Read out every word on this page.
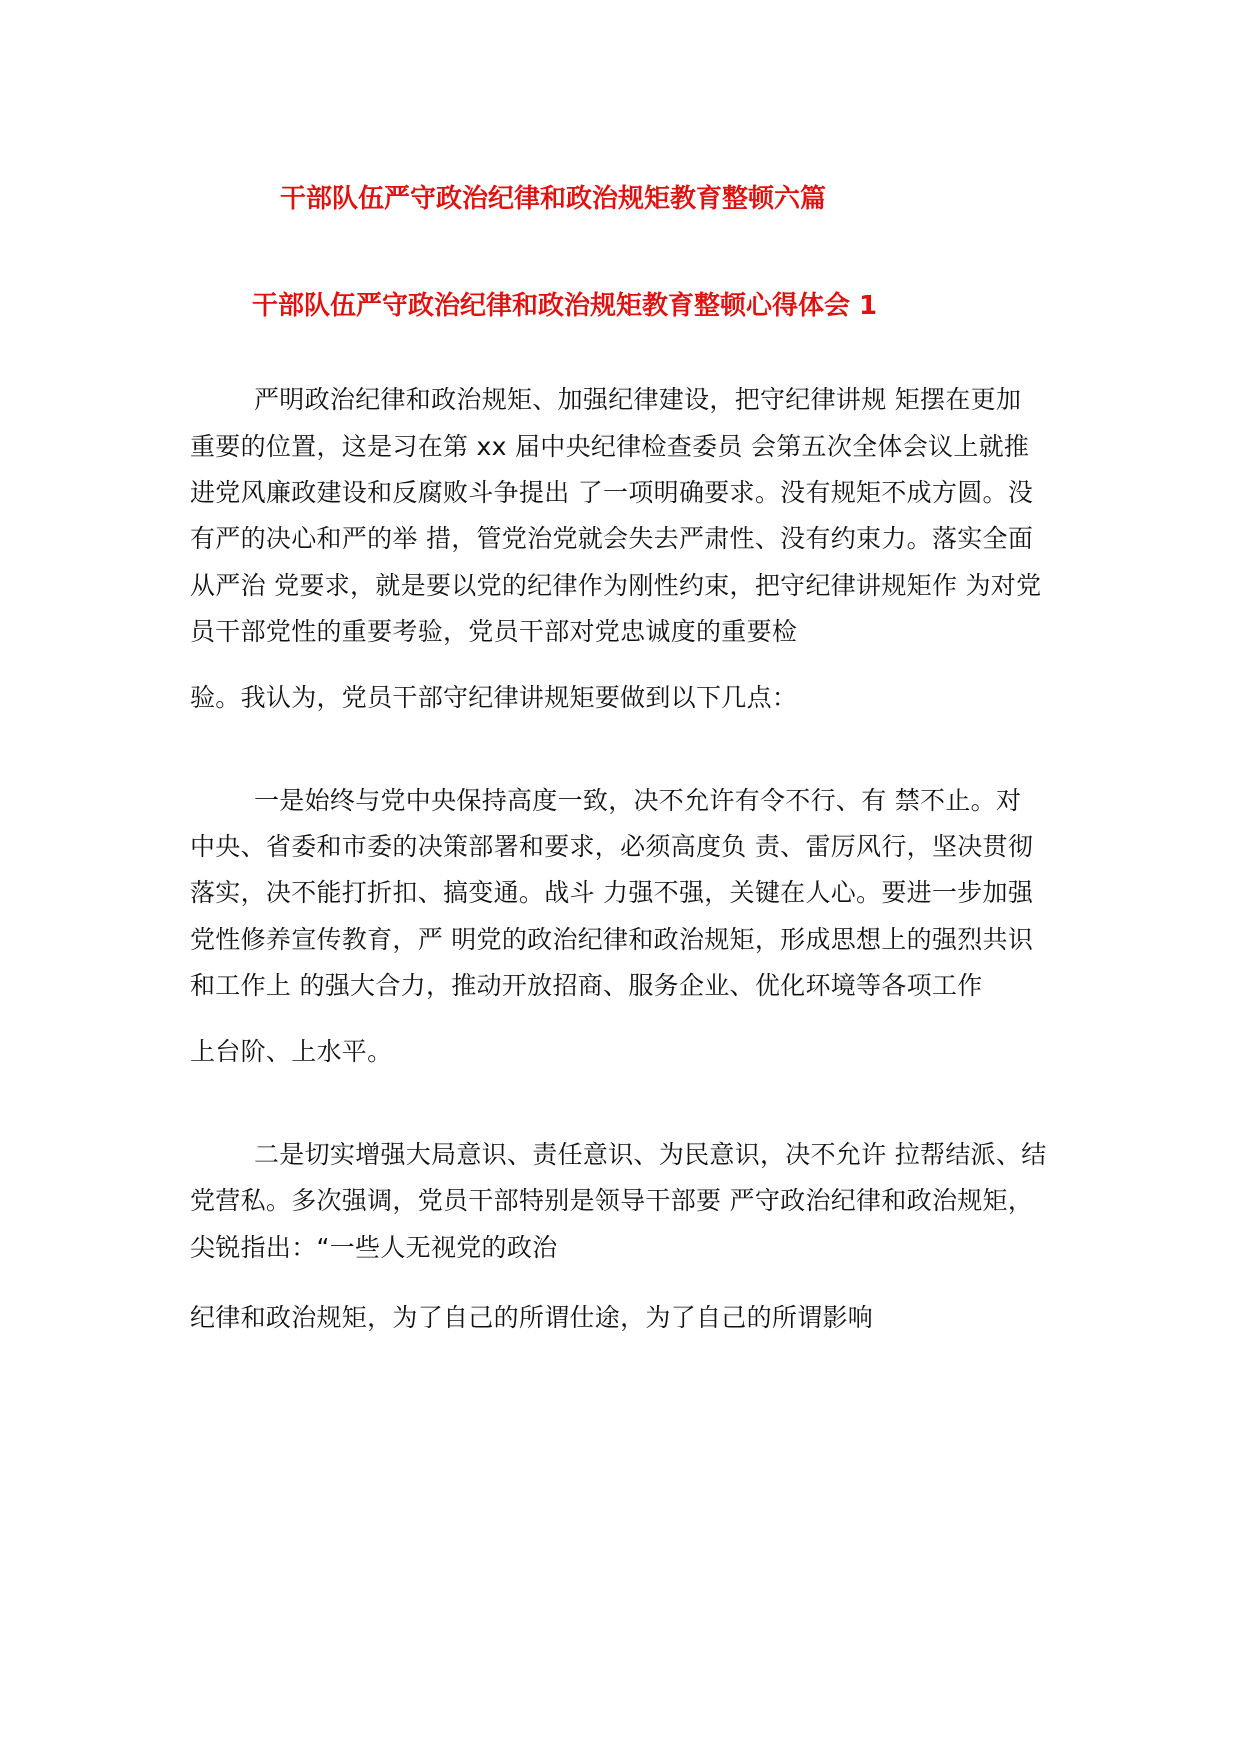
干部队伍严守政治纪律和政治规矩教育整顿六篇
干部队伍严守政治纪律和政治规矩教育整顿心得体会 1
严明政治纪律和政治规矩、加强纪律建设，把守纪律讲规 矩摆在更加
重要的位置，这是习在第 xx 届中央纪律检查委员 会第五次全体会议上就推
进党风廉政建设和反腐败斗争提出 了一项明确要求。没有规矩不成方圆。没
有严的决心和严的举 措，管党治党就会失去严肃性、没有约束力。落实全面
从严治 党要求，就是要以党的纪律作为刚性约束，把守纪律讲规矩作 为对党
员干部党性的重要考验，党员干部对党忠诚度的重要检
验。我认为，党员干部守纪律讲规矩要做到以下几点：
一是始终与党中央保持高度一致，决不允许有令不行、有 禁不止。对
中央、省委和市委的决策部署和要求，必须高度负 责、雷厉风行，坚决贯彻
落实，决不能打折扣、搞变通。战斗 力强不强，关键在人心。要进一步加强
党性修养宣传教育，严 明党的政治纪律和政治规矩，形成思想上的强烈共识
和工作上 的强大合力，推动开放招商、服务企业、优化环境等各项工作
上台阶、上水平。
二是切实增强大局意识、责任意识、为民意识，决不允许 拉帮结派、结
党营私。多次强调，党员干部特别是领导干部要 严守政治纪律和政治规矩，
尖锐指出：“一些人无视党的政治
纪律和政治规矩，为了自己的所谓仕途，为了自己的所谓影响
